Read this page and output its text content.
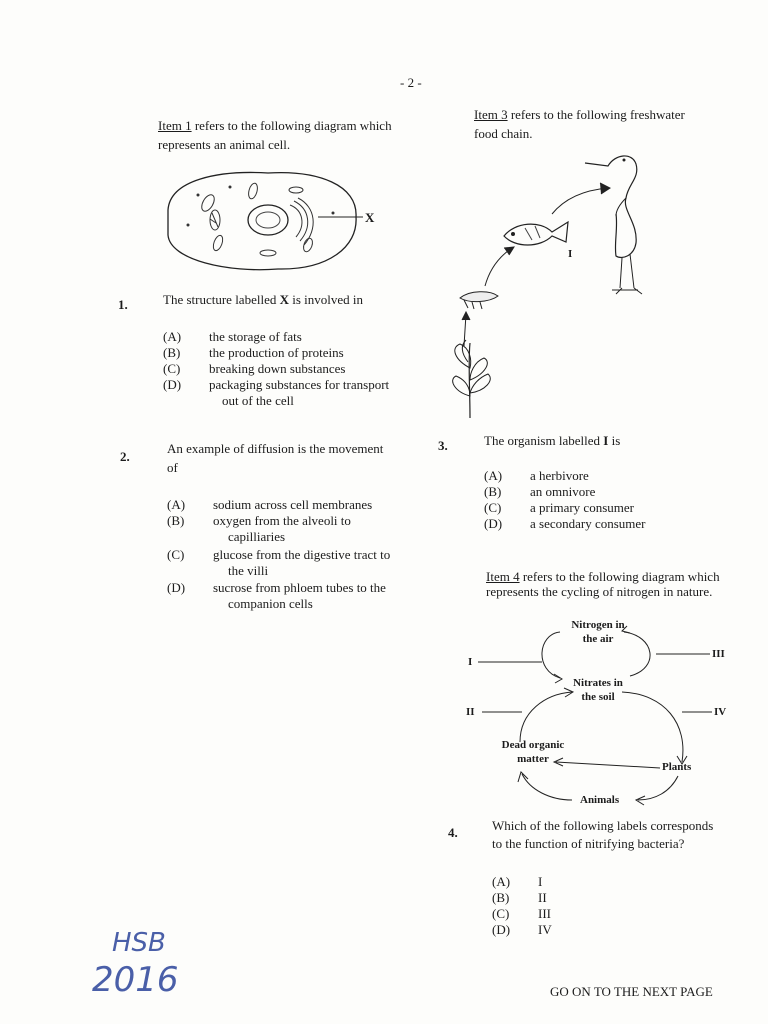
- 2 -
Item 1 refers to the following diagram which
represents an animal cell.
X
1.	The structure labelled X is involved in
(A) the storage of fats
(B) the production of proteins
(C) breaking down substances
(D) packaging substances for transport
out of the cell
2.
An example of diffusion is the movement
of
(A) sodium across cell membranes
(B) oxygen from the alveoli to
capilliaries
(C) glucose from the digestive tract to
the villi
(D) sucrose from phloem tubes to the
companion cells
Item 3 refers to the following freshwater
food chain.
I
3.	The organism labelled I is
(A) a herbivore
(B) an omnivore
(C) a primary consumer
(D) a secondary consumer
Item 4 refers to the following diagram which
represents the cycling of nitrogen in nature.
Nitrogen in
the air
Nitrates in
the soil
Dead organic
matter
Plants
Animals
I
II
III
IV
4.	Which of the following labels corresponds
to the function of nitrifying bacteria?
(A) I
(B) II
(C) III
(D) IV
HSB
2016	GO ON TO THE NEXT PAGE
